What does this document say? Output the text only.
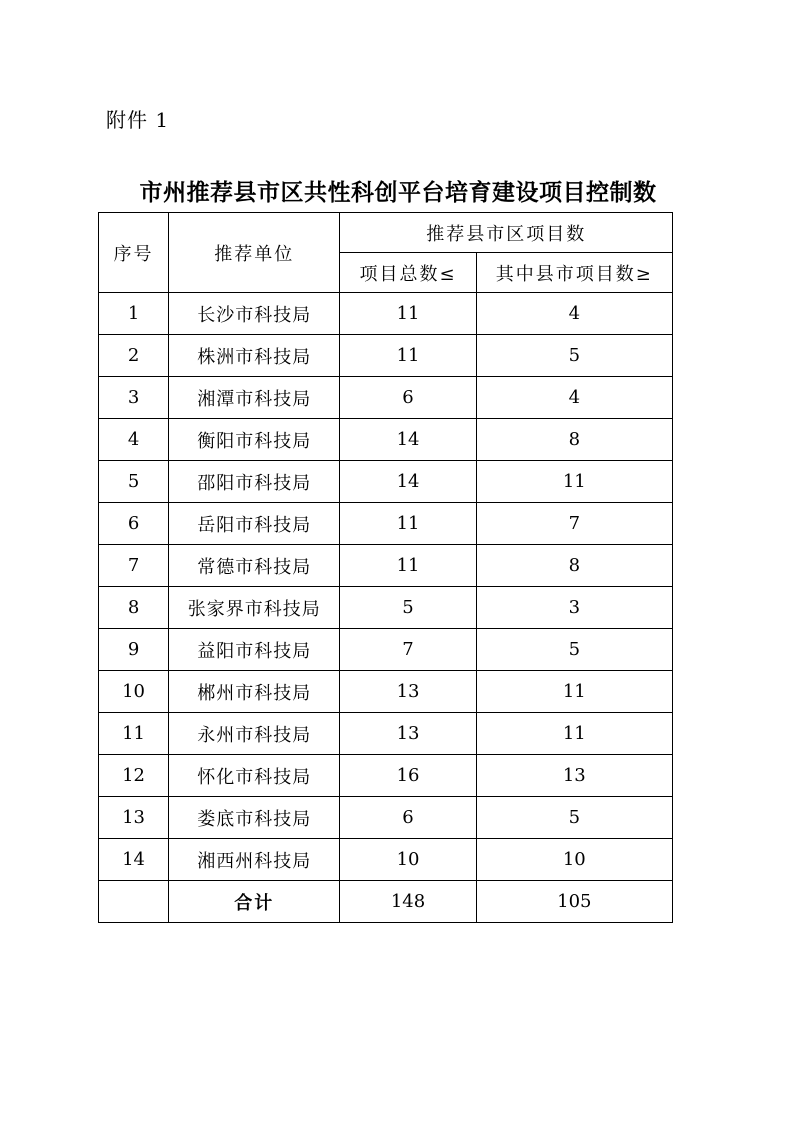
附件 1
市州推荐县市区共性科创平台培育建设项目控制数
序号	推荐单位	推荐县市区项目数	
		项目总数≤	其中县市项目数≥
1	长沙市科技局	11	4
2	株洲市科技局	11	5
3	湘潭市科技局	6	4
4	衡阳市科技局	14	8
5	邵阳市科技局	14	11
6	岳阳市科技局	11	7
7	常德市科技局	11	8
8	张家界市科技局	5	3
9	益阳市科技局	7	5
10	郴州市科技局	13	11
11	永州市科技局	13	11
12	怀化市科技局	16	13
13	娄底市科技局	6	5
14	湘西州科技局	10	10
	合计	148	105
